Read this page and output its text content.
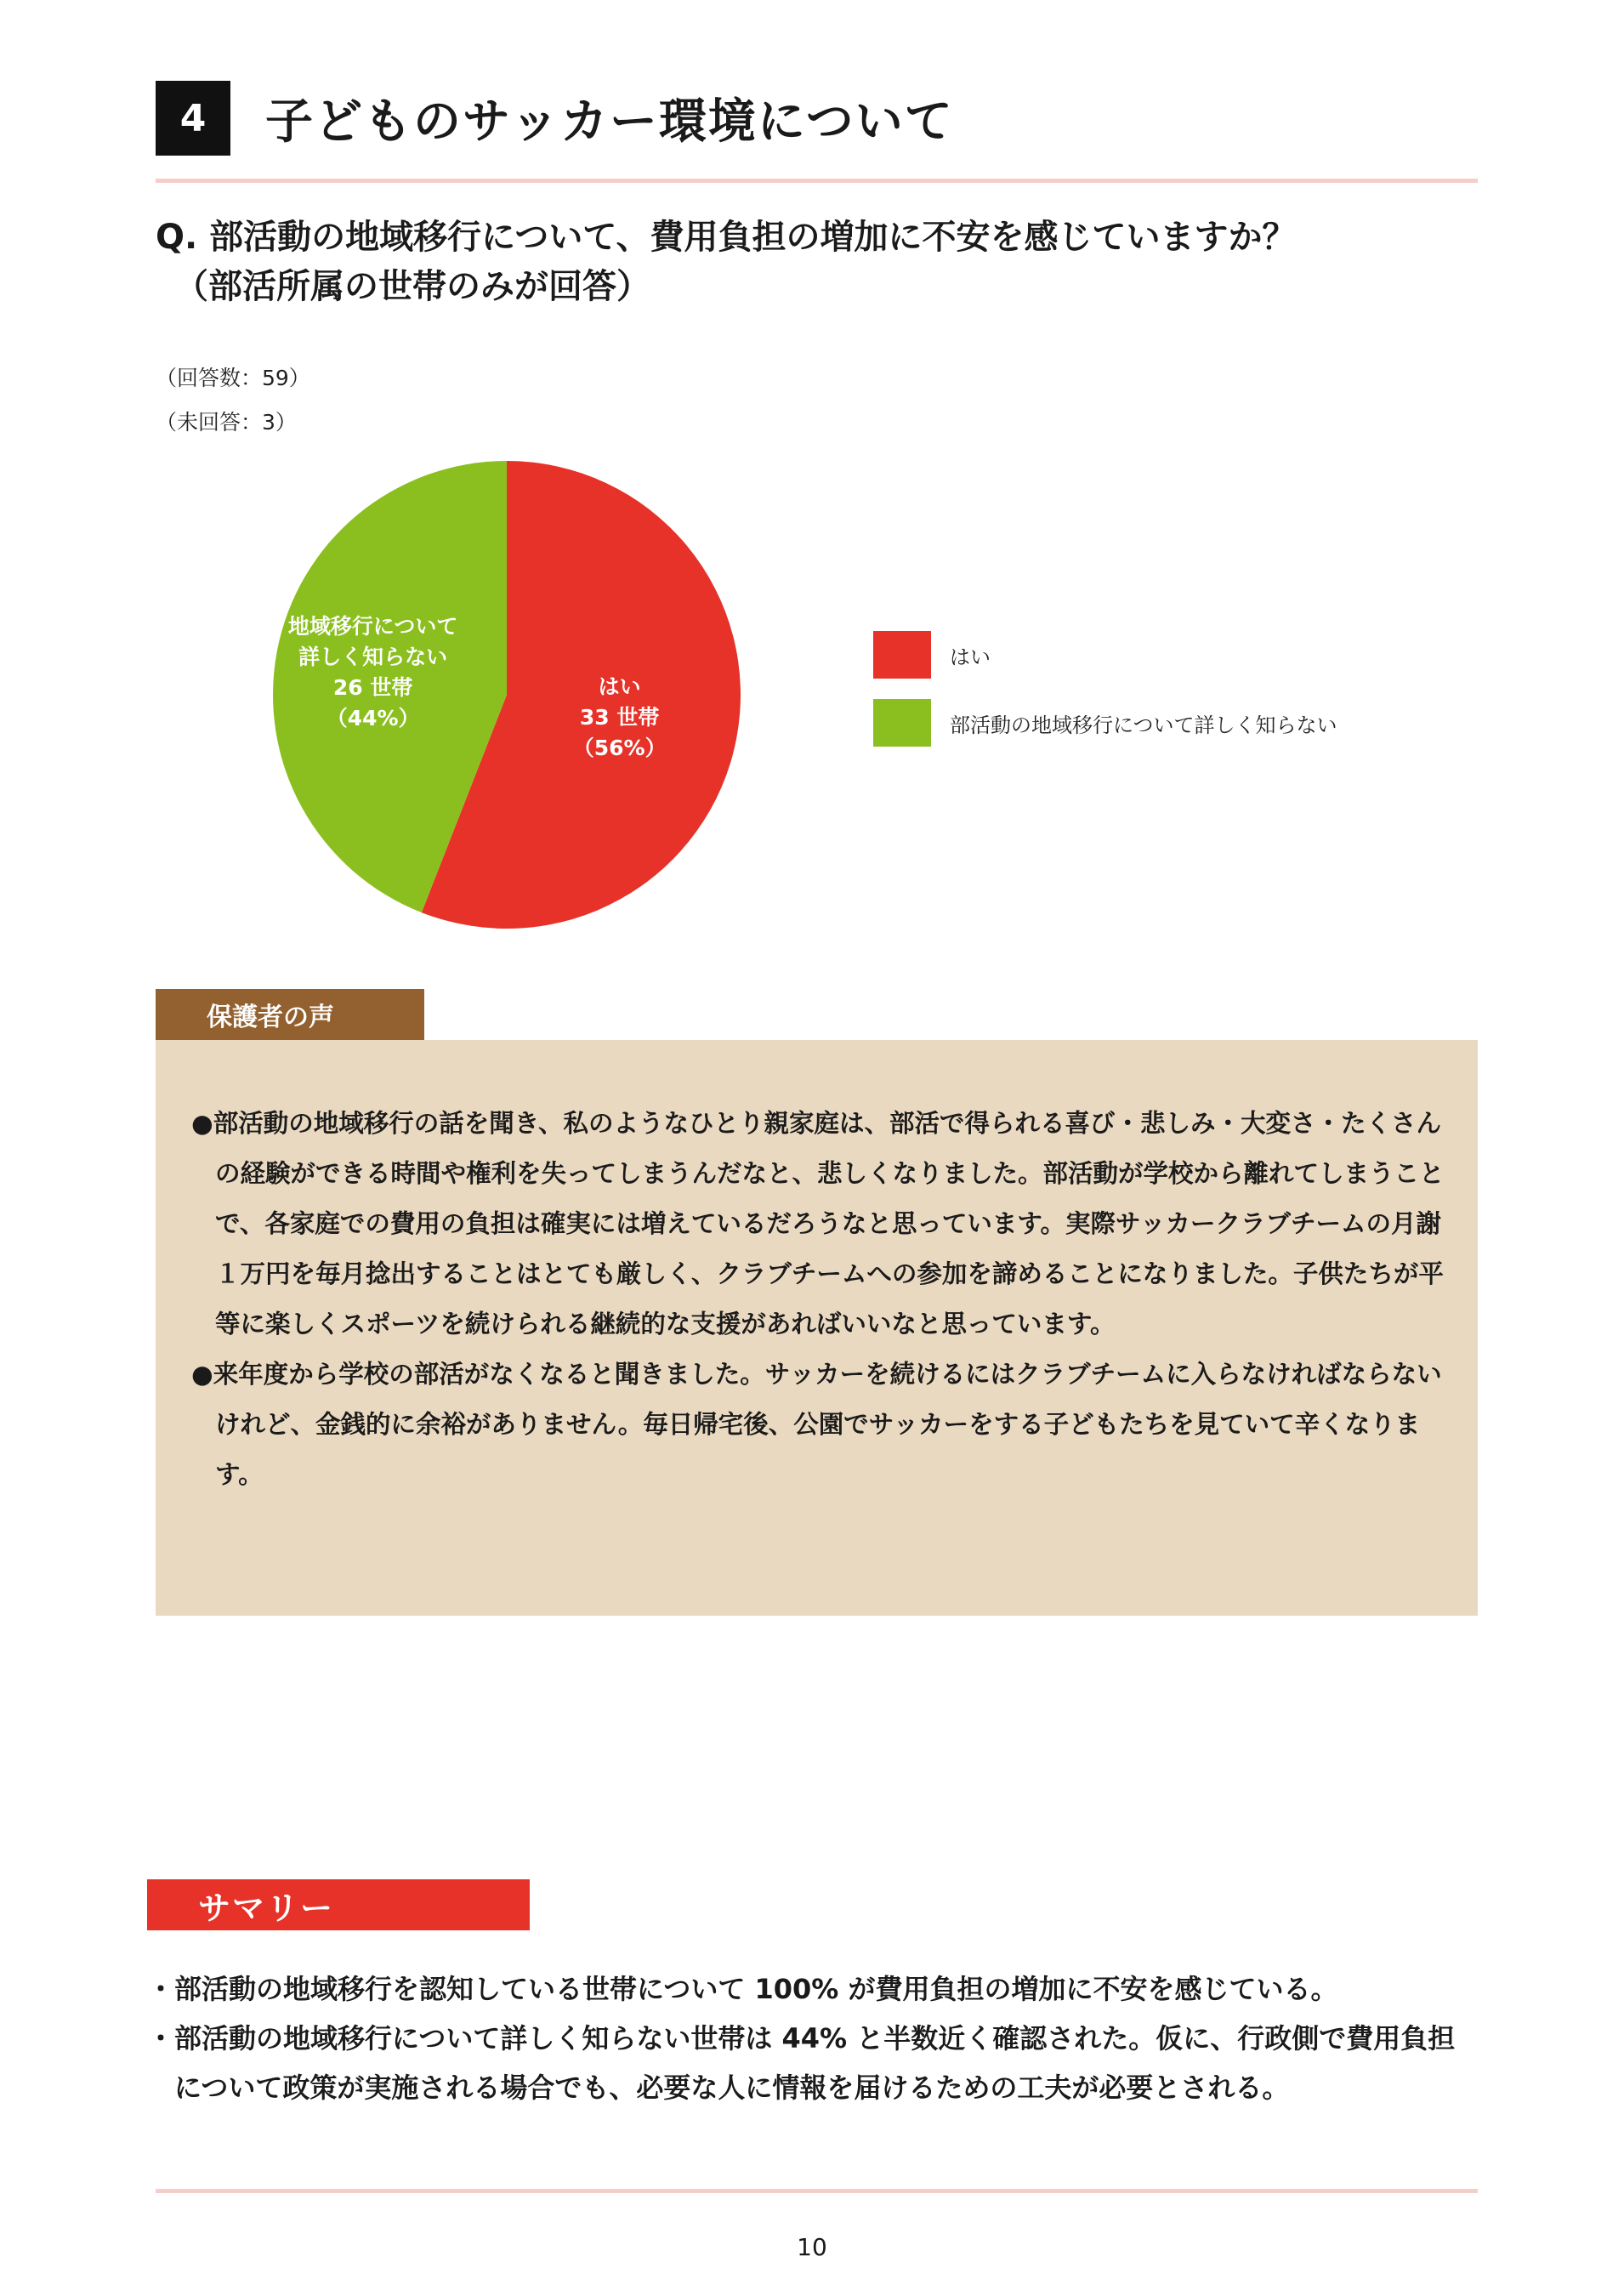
4	子どものサッカー環境について
Q. 部活動の地域移行について、費用負担の増加に不安を感じていますか？
（部活所属の世帯のみが回答）
（回答数：59）
（未回答：3）
はい 33 世帯（56%）
地域移行について詳しく知らない 26 世帯（44%）
はい
部活動の地域移行について詳しく知らない
保護者の声

●部活動の地域移行の話を聞き、私のようなひとり親家庭は、部活で得られる喜び・悲しみ・大変さ・たくさんの経験ができる時間や権利を失ってしまうんだなと、悲しくなりました。部活動が学校から離れてしまうことで、各家庭での費用の負担は確実には増えているだろうなと思っています。実際サッカークラブチームの月謝１万円を毎月捻出することはとても厳しく、クラブチームへの参加を諦めることになりました。子供たちが平等に楽しくスポーツを続けられる継続的な支援があればいいなと思っています。

●来年度から学校の部活がなくなると聞きました。サッカーを続けるにはクラブチームに入らなければならないけれど、金銭的に余裕がありません。毎日帰宅後、公園でサッカーをする子どもたちを見ていて辛くなります。

サマリー

・部活動の地域移行を認知している世帯について 100% が費用負担の増加に不安を感じている。

・部活動の地域移行について詳しく知らない世帯は 44% と半数近く確認された。仮に、行政側で費用負担について政策が実施される場合でも、必要な人に情報を届けるための工夫が必要とされる。

10
